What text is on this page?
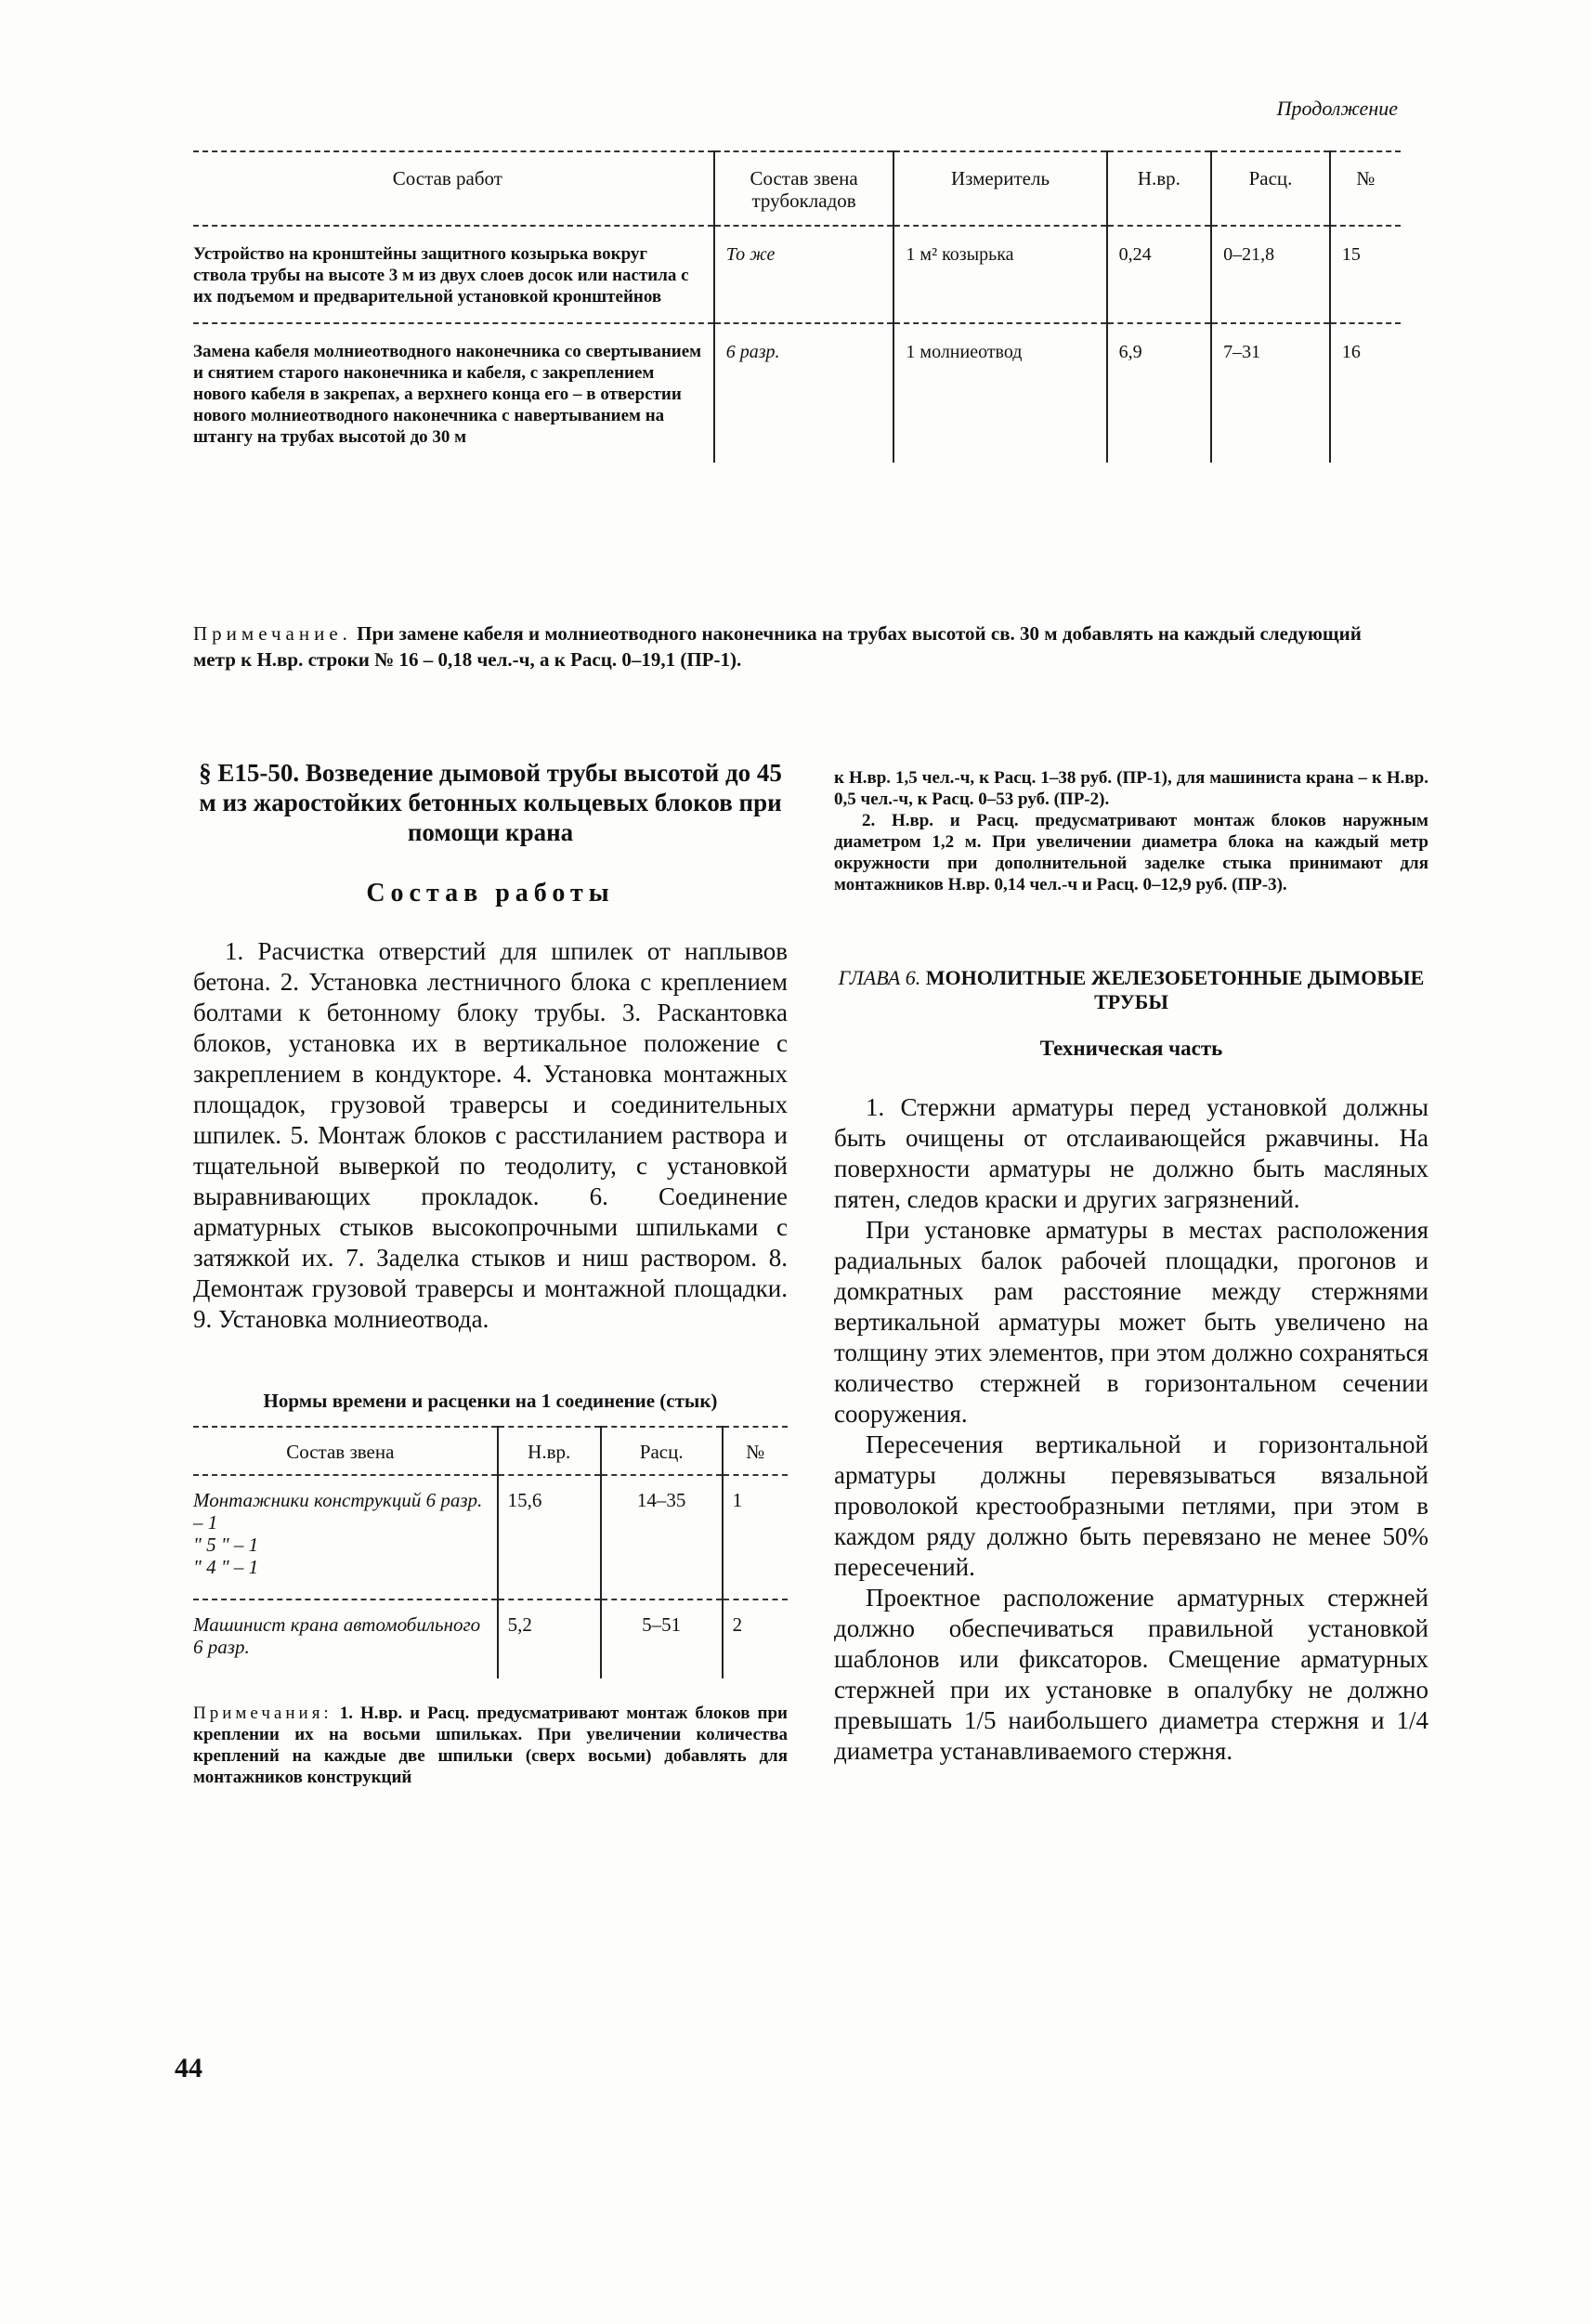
Продолжение
Состав работ	Состав звена трубокладов	Измеритель	Н.вр.	Расц.	№
Устройство на кронштейны защитного козырька вокруг ствола трубы на высоте 3 м из двух слоев досок или настила с их подъемом и предварительной установкой кронштейнов	То же	1 м² козырька	0,24	0–21,8	15
Замена кабеля молниеотводного наконечника со свертыванием и снятием старого наконечника и кабеля, с закреплением нового кабеля в закрепах, а верхнего конца его – в отверстии нового молниеотводного наконечника с навертыванием на штангу на трубах высотой до 30 м	6 разр.	1 молниеотвод	6,9	7–31	16
Примечание. При замене кабеля и молниеотводного наконечника на трубах высотой св. 30 м добавлять на каждый следующий метр к Н.вр. строки № 16 – 0,18 чел.-ч, а к Расц. 0–19,1 (ПР-1).
§ Е15-50. Возведение дымовой трубы высотой до 45 м из жаростойких бетонных кольцевых блоков при помощи крана
Состав работы

1. Расчистка отверстий для шпилек от наплывов бетона. 2. Установка лестничного блока с креплением болтами к бетонному блоку трубы. 3. Раскантовка блоков, установка их в вертикальное положение с закреплением в кондукторе. 4. Установка монтажных площадок, грузовой траверсы и соединительных шпилек. 5. Монтаж блоков с расстиланием раствора и тщательной выверкой по теодолиту, с установкой выравнивающих прокладок. 6. Соединение арматурных стыков высокопрочными шпильками с затяжкой их. 7. Заделка стыков и ниш раствором. 8. Демонтаж грузовой траверсы и монтажной площадки. 9. Установка молниеотвода.

Нормы времени и расценки на 1 соединение (стык)
Состав звена	Н.вр.	Расц.	№

Монтажники конструкций 6 разр. – 1
" 5 " – 1
" 4 " – 1	15,6	14–35	1

Машинист крана автомобильного 6 разр.	5,2	5–51	2

Примечания: 1. Н.вр. и Расц. предусматривают монтаж блоков при креплении их на восьми шпильках. При увеличении количества креплений на каждые две шпильки (сверх восьми) добавлять для монтажников конструкций

к Н.вр. 1,5 чел.-ч, к Расц. 1–38 руб. (ПР-1), для машиниста крана – к Н.вр. 0,5 чел.-ч, к Расц. 0–53 руб. (ПР-2).

2. Н.вр. и Расц. предусматривают монтаж блоков наружным диаметром 1,2 м. При увеличении диаметра блока на каждый метр окружности при дополнительной заделке стыка принимают для монтажников Н.вр. 0,14 чел.-ч и Расц. 0–12,9 руб. (ПР-3).

ГЛАВА 6. МОНОЛИТНЫЕ ЖЕЛЕЗОБЕТОННЫЕ ДЫМОВЫЕ ТРУБЫ
Техническая часть

1. Стержни арматуры перед установкой должны быть очищены от отслаивающейся ржавчины. На поверхности арматуры не должно быть масляных пятен, следов краски и других загрязнений.

При установке арматуры в местах расположения радиальных балок рабочей площадки, прогонов и домкратных рам расстояние между стержнями вертикальной арматуры может быть увеличено на толщину этих элементов, при этом должно сохраняться количество стержней в горизонтальном сечении сооружения.

Пересечения вертикальной и горизонтальной арматуры должны перевязываться вязальной проволокой крестообразными петлями, при этом в каждом ряду должно быть перевязано не менее 50% пересечений.

Проектное расположение арматурных стержней должно обеспечиваться правильной установкой шаблонов или фиксаторов. Смещение арматурных стержней при их установке в опалубку не должно превышать 1/5 наибольшего диаметра стержня и 1/4 диаметра устанавливаемого стержня.

44
